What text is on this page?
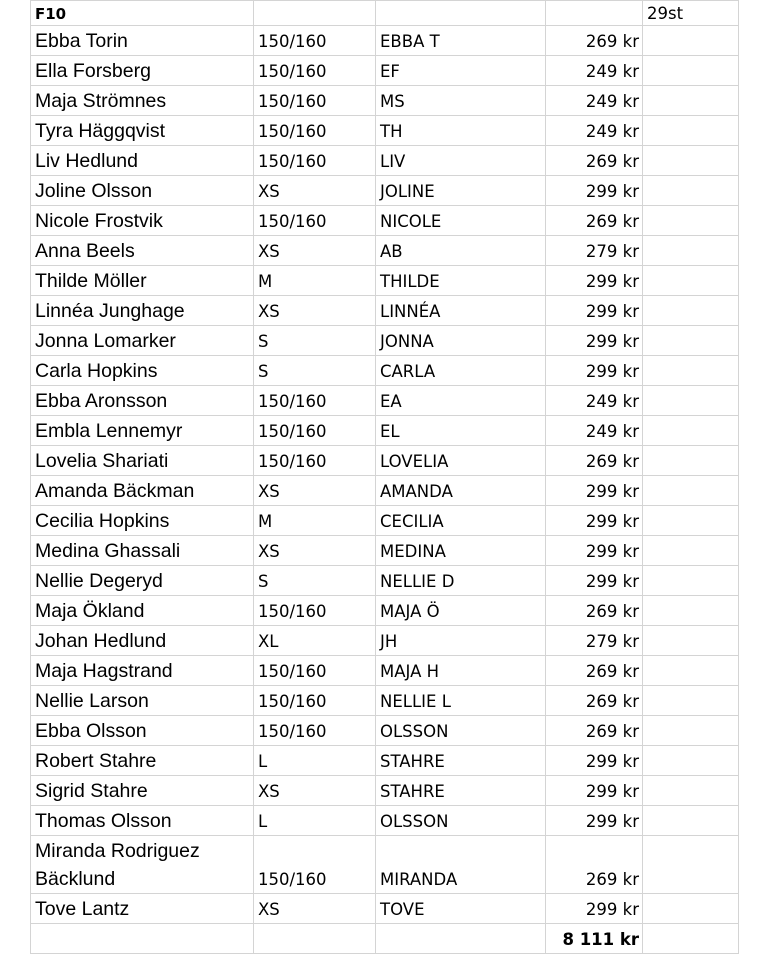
F10				29st
Ebba Torin	150/160	EBBA T	269 kr	
Ella Forsberg	150/160	EF	249 kr	
Maja Strömnes	150/160	MS	249 kr	
Tyra Häggqvist	150/160	TH	249 kr	
Liv Hedlund	150/160	LIV	269 kr	
Joline Olsson	XS	JOLINE	299 kr	
Nicole Frostvik	150/160	NICOLE	269 kr	
Anna Beels	XS	AB	279 kr	
Thilde Möller	M	THILDE	299 kr	
Linnéa Junghage	XS	LINNÉA	299 kr	
Jonna Lomarker	S	JONNA	299 kr	
Carla Hopkins	S	CARLA	299 kr	
Ebba Aronsson	150/160	EA	249 kr	
Embla Lennemyr	150/160	EL	249 kr	
Lovelia Shariati	150/160	LOVELIA	269 kr	
Amanda Bäckman	XS	AMANDA	299 kr	
Cecilia Hopkins	M	CECILIA	299 kr	
Medina Ghassali	XS	MEDINA	299 kr	
Nellie Degeryd	S	NELLIE D	299 kr	
Maja Ökland	150/160	MAJA Ö	269 kr	
Johan Hedlund	XL	JH	279 kr	
Maja Hagstrand	150/160	MAJA H	269 kr	
Nellie Larson	150/160	NELLIE L	269 kr	
Ebba Olsson	150/160	OLSSON	269 kr	
Robert Stahre	L	STAHRE	299 kr	
Sigrid Stahre	XS	STAHRE	299 kr	
Thomas Olsson	L	OLSSON	299 kr	

Miranda Rodriguez Bäcklund	150/160	MIRANDA	269 kr	
Tove Lantz	XS	TOVE	299 kr	
			8 111 kr	
